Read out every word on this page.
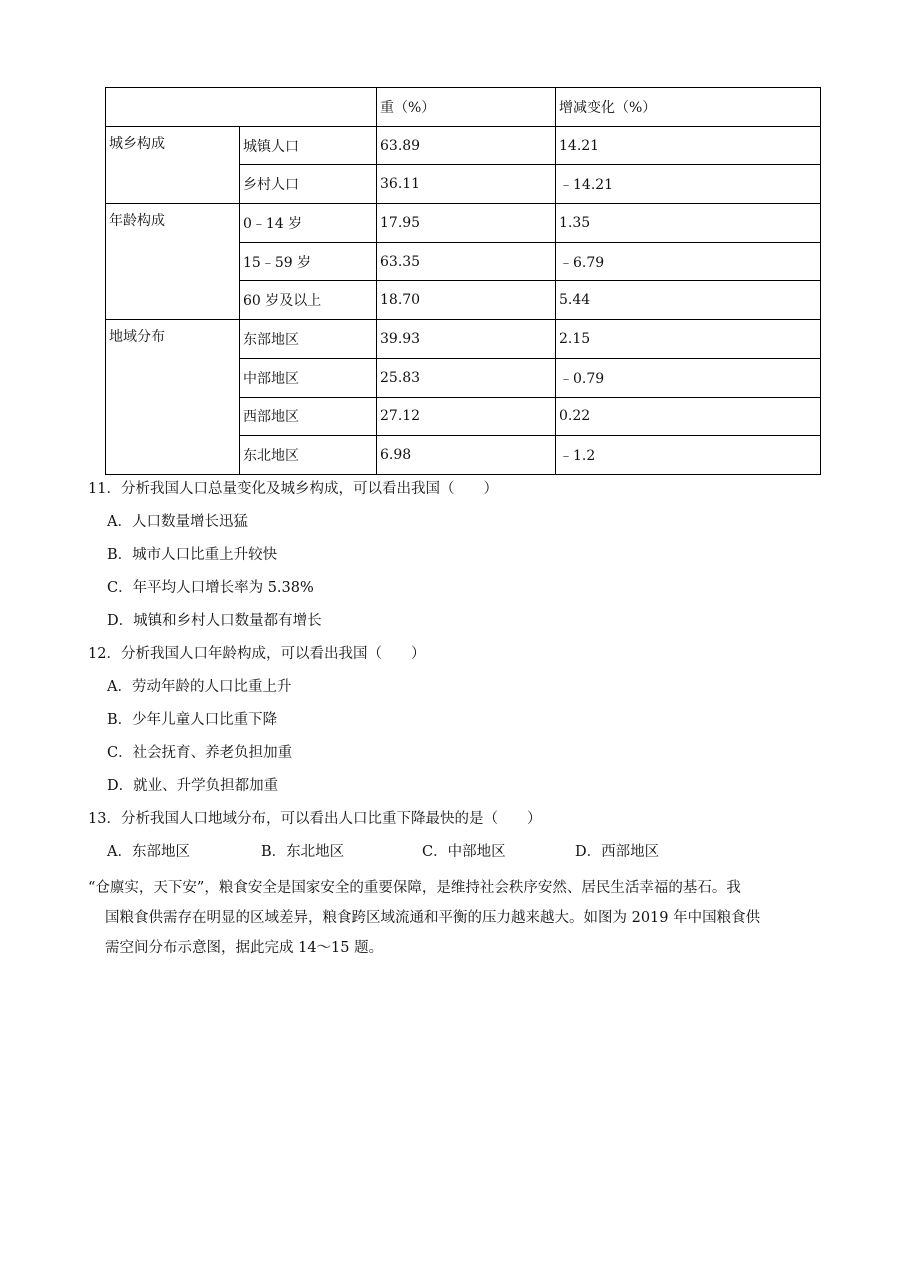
		重（%）	增减变化（%）
城乡构成	城镇人口	63.89	14.21
	乡村人口	36.11	﹣14.21
年龄构成	0﹣14 岁	17.95	1.35
	15﹣59 岁	63.35	﹣6.79
	60 岁及以上	18.70	5.44
地域分布	东部地区	39.93	2.15
	中部地区	25.83	﹣0.79
	西部地区	27.12	0.22
	东北地区	6.98	﹣1.2
11．分析我国人口总量变化及城乡构成，可以看出我国（　　）
A．人口数量增长迅猛
B．城市人口比重上升较快
C．年平均人口增长率为 5.38%
D．城镇和乡村人口数量都有增长
12．分析我国人口年龄构成，可以看出我国（　　）
A．劳动年龄的人口比重上升
B．少年儿童人口比重下降
C．社会抚育、养老负担加重
D．就业、升学负担都加重
13．分析我国人口地域分布，可以看出人口比重下降最快的是（　　）
A．东部地区	B．东北地区	C．中部地区	D．西部地区

“仓廪实，天下安”，粮食安全是国家安全的重要保障，是维持社会秩序安然、居民生活幸福的基石。我

国粮食供需存在明显的区域差异，粮食跨区域流通和平衡的压力越来越大。如图为 2019 年中国粮食供

需空间分布示意图，据此完成 14～15 题。
